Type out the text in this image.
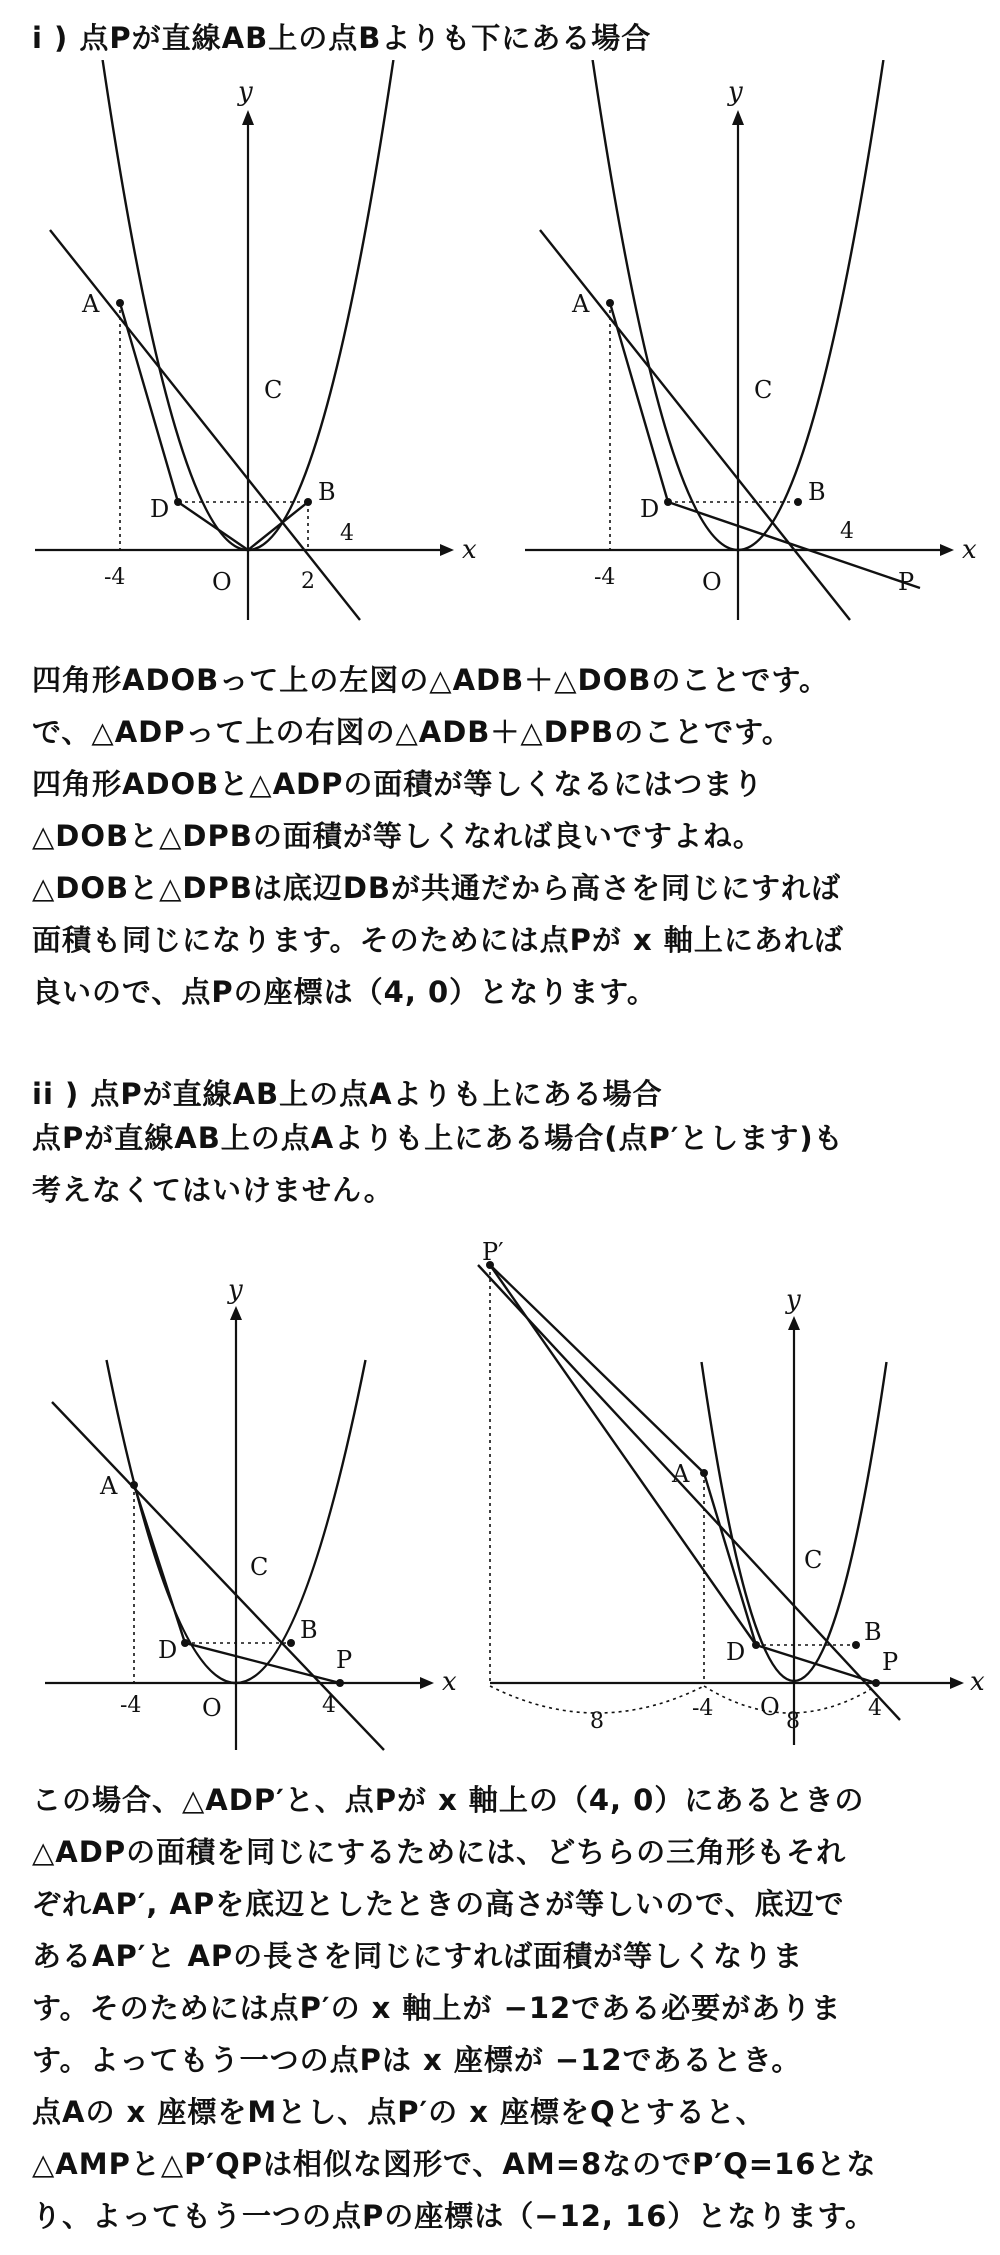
i ) 点Pが直線AB上の点Bよりも下にある場合
x
y
A
C
D
B
O
-4	2
4
x
y
A
C
D
B
O	P
-4
4
四角形ADOBって上の左図の△ADB＋△DOBのことです。
で、△ADPって上の右図の△ADB＋△DPBのことです。
四角形ADOBと△ADPの面積が等しくなるにはつまり
△DOBと△DPBの面積が等しくなれば良いですよね。
△DOBと△DPBは底辺DBが共通だから高さを同じにすれば
面積も同じになります。そのためには点Pが x 軸上にあれば
良いので、点Pの座標は（4, 0）となります。
ii ) 点Pが直線AB上の点Aよりも上にある場合
点Pが直線AB上の点Aよりも上にある場合(点P′とします)も
考えなくてはいけません。
x
y
A
C
D
B
P
O
-4	4
x
y
P′
A
C
D
B
P
O
-4	4
8	8
この場合、△ADP′と、点Pが x 軸上の（4, 0）にあるときの
△ADPの面積を同じにするためには、どちらの三角形もそれ
ぞれAP′, APを底辺としたときの高さが等しいので、底辺で
あるAP′と APの長さを同じにすれば面積が等しくなりま
す。そのためには点P′の x 軸上が −12である必要がありま
す。よってもう一つの点Pは x 座標が −12であるとき。
点Aの x 座標をMとし、点P′の x 座標をQとすると、
△AMPと△P′QPは相似な図形で、AM=8なのでP′Q=16とな
り、よってもう一つの点Pの座標は（−12, 16）となります。
